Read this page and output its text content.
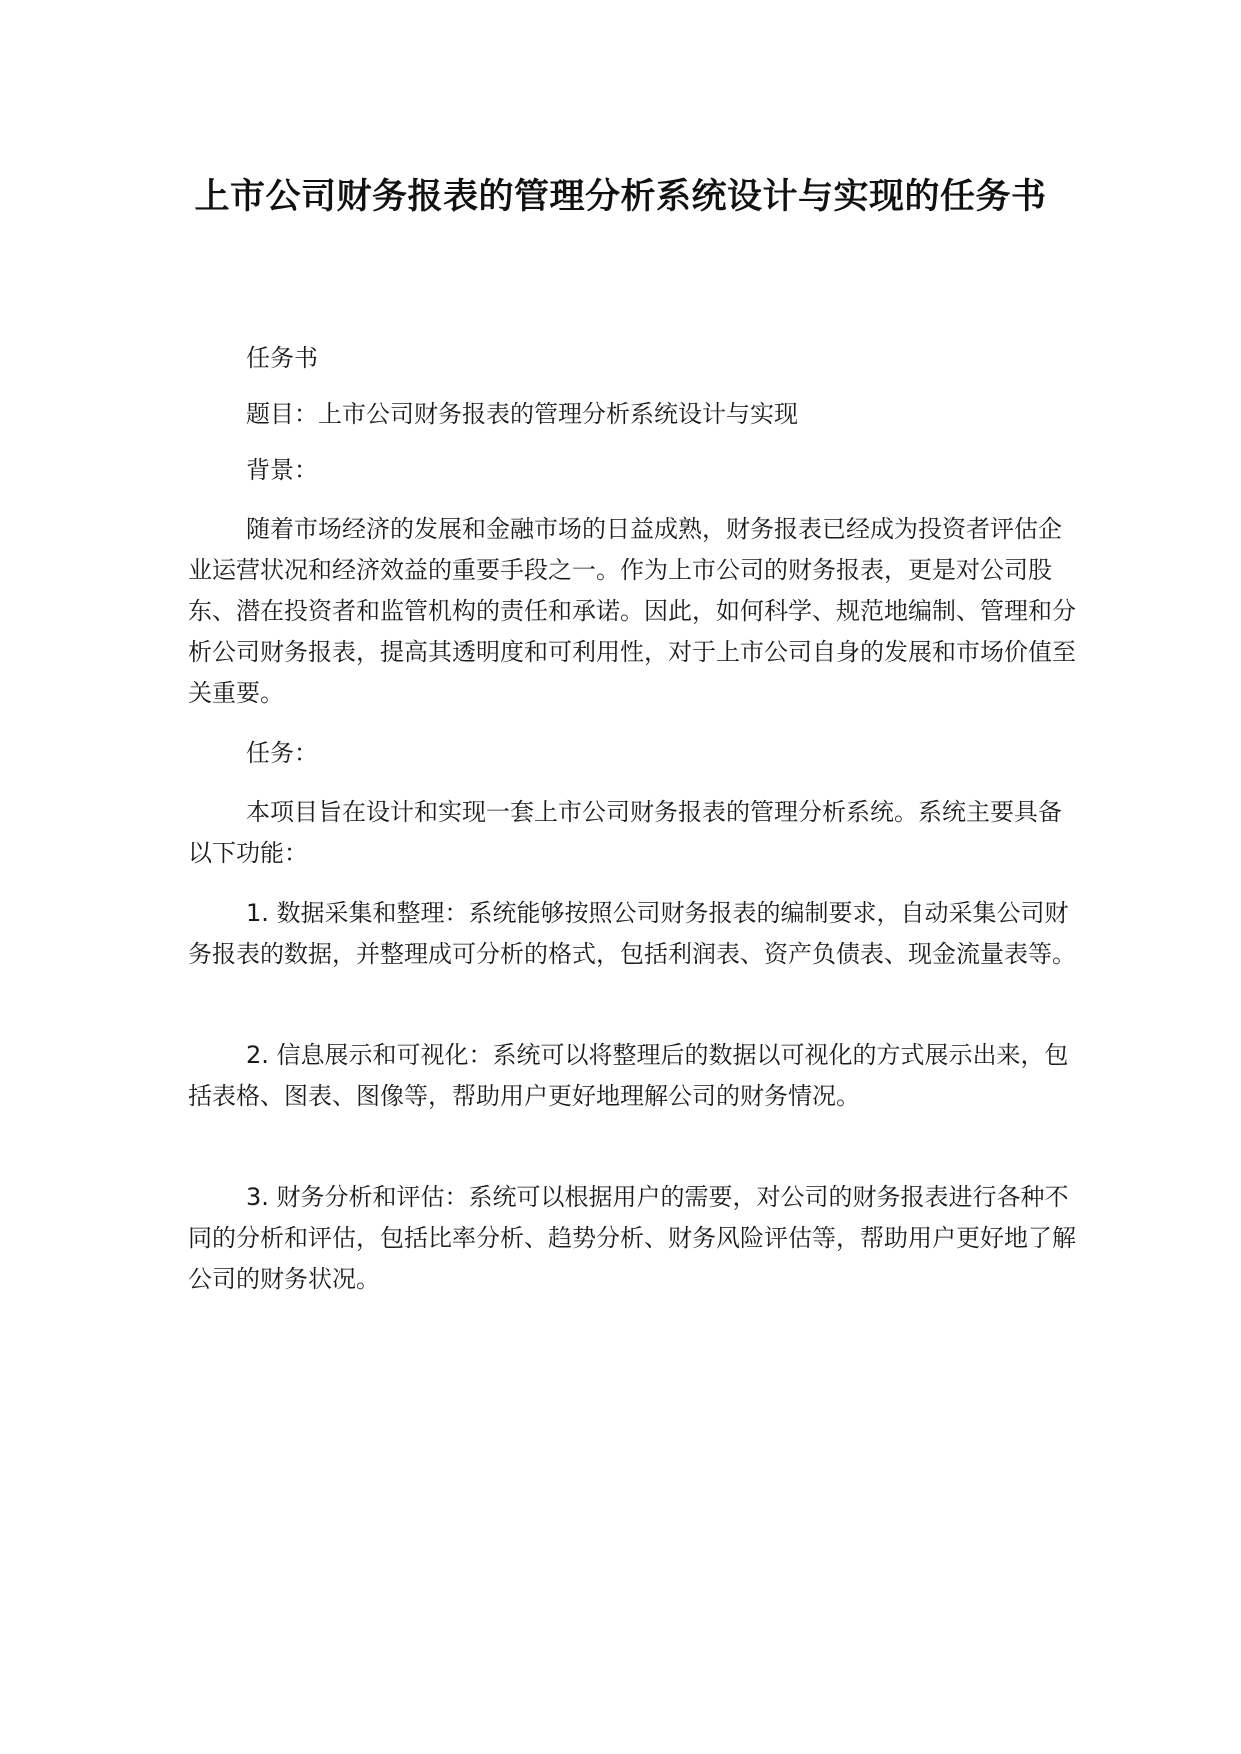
上市公司财务报表的管理分析系统设计与实现的任务书

任务书

题目：上市公司财务报表的管理分析系统设计与实现

背景：

随着市场经济的发展和金融市场的日益成熟，财务报表已经成为投资者评估企业运营状况和经济效益的重要手段之一。作为上市公司的财务报表，更是对公司股东、潜在投资者和监管机构的责任和承诺。因此，如何科学、规范地编制、管理和分析公司财务报表，提高其透明度和可利用性，对于上市公司自身的发展和市场价值至关重要。

任务：

本项目旨在设计和实现一套上市公司财务报表的管理分析系统。系统主要具备以下功能：

1. 数据采集和整理：系统能够按照公司财务报表的编制要求，自动采集公司财务报表的数据，并整理成可分析的格式，包括利润表、资产负债表、现金流量表等。

2. 信息展示和可视化：系统可以将整理后的数据以可视化的方式展示出来，包括表格、图表、图像等，帮助用户更好地理解公司的财务情况。

3. 财务分析和评估：系统可以根据用户的需要，对公司的财务报表进行各种不同的分析和评估，包括比率分析、趋势分析、财务风险评估等，帮助用户更好地了解公司的财务状况。
